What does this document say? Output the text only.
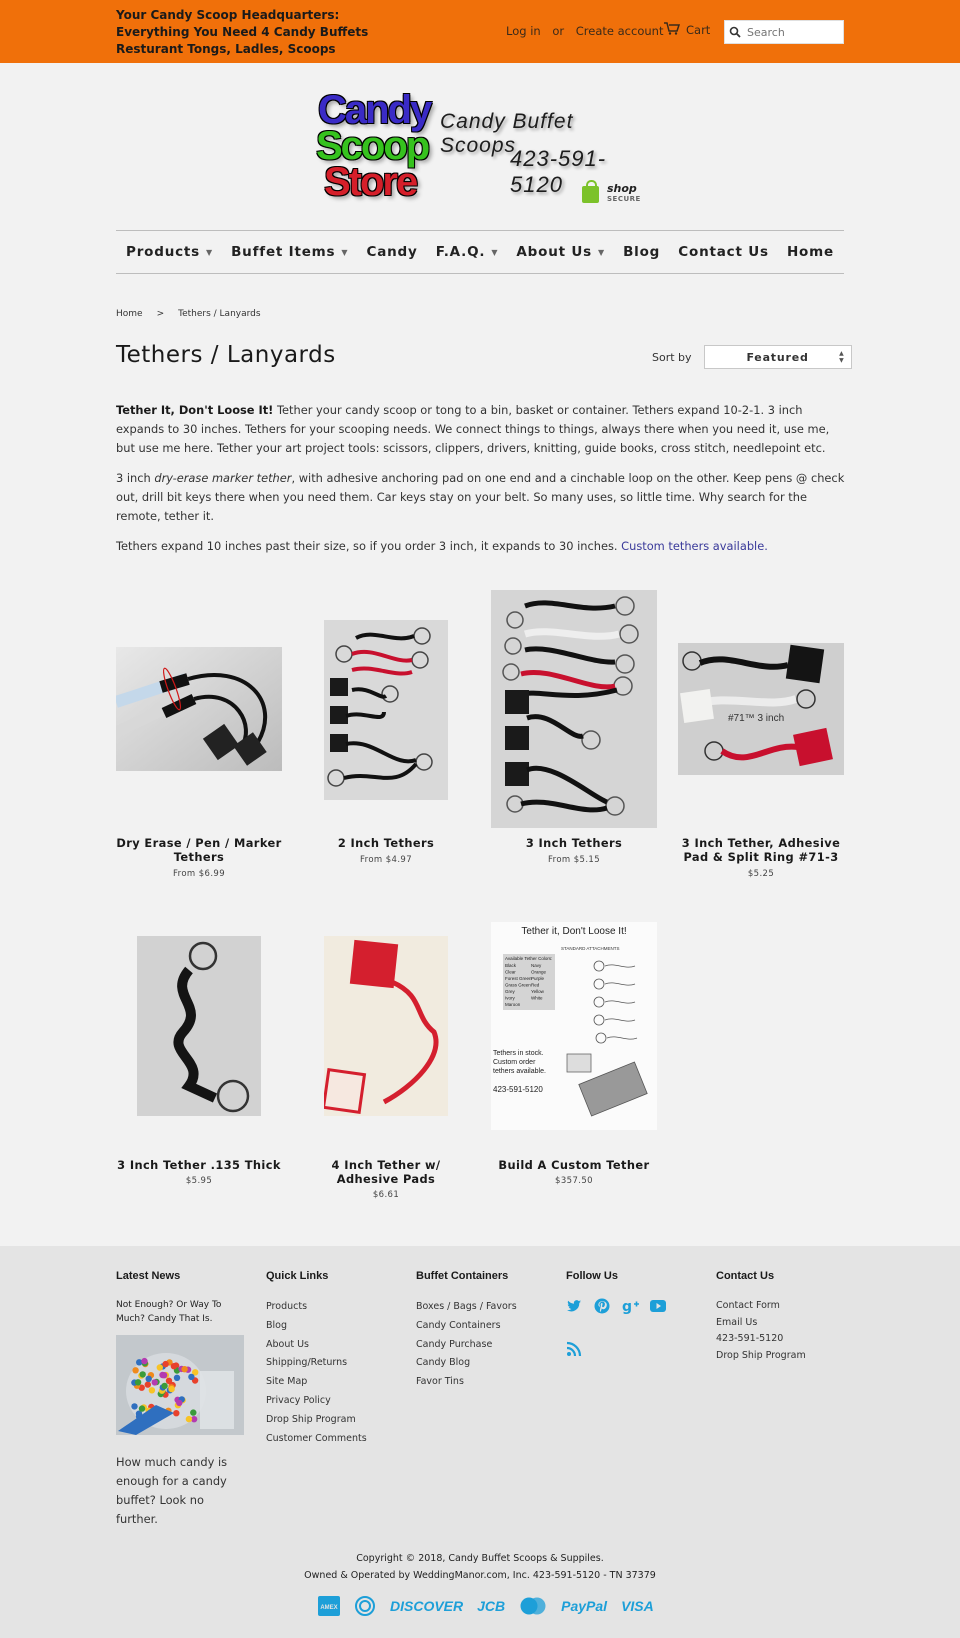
Your Candy Scoop Headquarters:
Everything You Need 4 Candy Buffets
Resturant Tongs, Ladles, Scoops
Log in or Create account	Cart
Search
Candy
Scoop
Store
Candy Buffet Scoops
423-591-5120	shop
SECURE
Products ▼ Buffet Items ▼ Candy F.A.Q. ▼ About Us ▼ Blog Contact Us Home
Home > Tethers / Lanyards
Tethers / Lanyards	Sort by	Featured	▲
▼

Tether It, Don't Loose It! Tether your candy scoop or tong to a bin, basket or container. Tethers expand 10-2-1. 3 inch expands to 30 inches. Tethers for your scooping needs. We connect things to things, always there when you need it, use me, but use me here. Tether your art project tools: scissors, clippers, drivers, knitting, guide books, cross stitch, needlepoint etc.

3 inch dry-erase marker tether, with adhesive anchoring pad on one end and a cinchable loop on the other. Keep pens @ check out, drill bit keys there when you need them. Car keys stay on your belt. So many uses, so little time. Why search for the remote, tether it.

Tethers expand 10 inches past their size, so if you order 3 inch, it expands to 30 inches. Custom tethers available.

Dry Erase / Pen / Marker Tethers
From $6.99
2 Inch Tethers
From $4.97
3 Inch Tethers
From $5.15
#71™ 3 inch
3 Inch Tether, Adhesive Pad & Split Ring #71-3
$5.25
3 Inch Tether .135 Thick
$5.95
4 Inch Tether w/ Adhesive Pads
$6.61
Tether it, Don't Loose It!
STANDARD ATTACHMENTS
Available Tether Colors:
Black	Navy
Clear	Orange
Forest Green Purple
Grass Green Red
Grey	Yellow
Ivory	White
Maroon
Tethers in stock.
Custom order
tethers available.
423-591-5120
Build A Custom Tether
$357.50
Latest News
Not Enough? Or Way To Much? Candy That Is.
How much candy is enough for a candy buffet? Look no further.
Quick Links
Products
Blog
About Us
Shipping/Returns
Site Map
Privacy Policy
Drop Ship Program
Customer Comments
Buffet Containers
Boxes / Bags / Favors
Candy Containers
Candy Purchase
Candy Blog
Favor Tins
Follow Us
g
Contact Us
Contact Form
Email Us
423-591-5120
Drop Ship Program
Copyright © 2018, Candy Buffet Scoops & Suppiles.
Owned & Operated by WeddingManor.com, Inc. 423-591-5120 - TN 37379
AMEX	DISCOVER JCB	PayPal VISA
